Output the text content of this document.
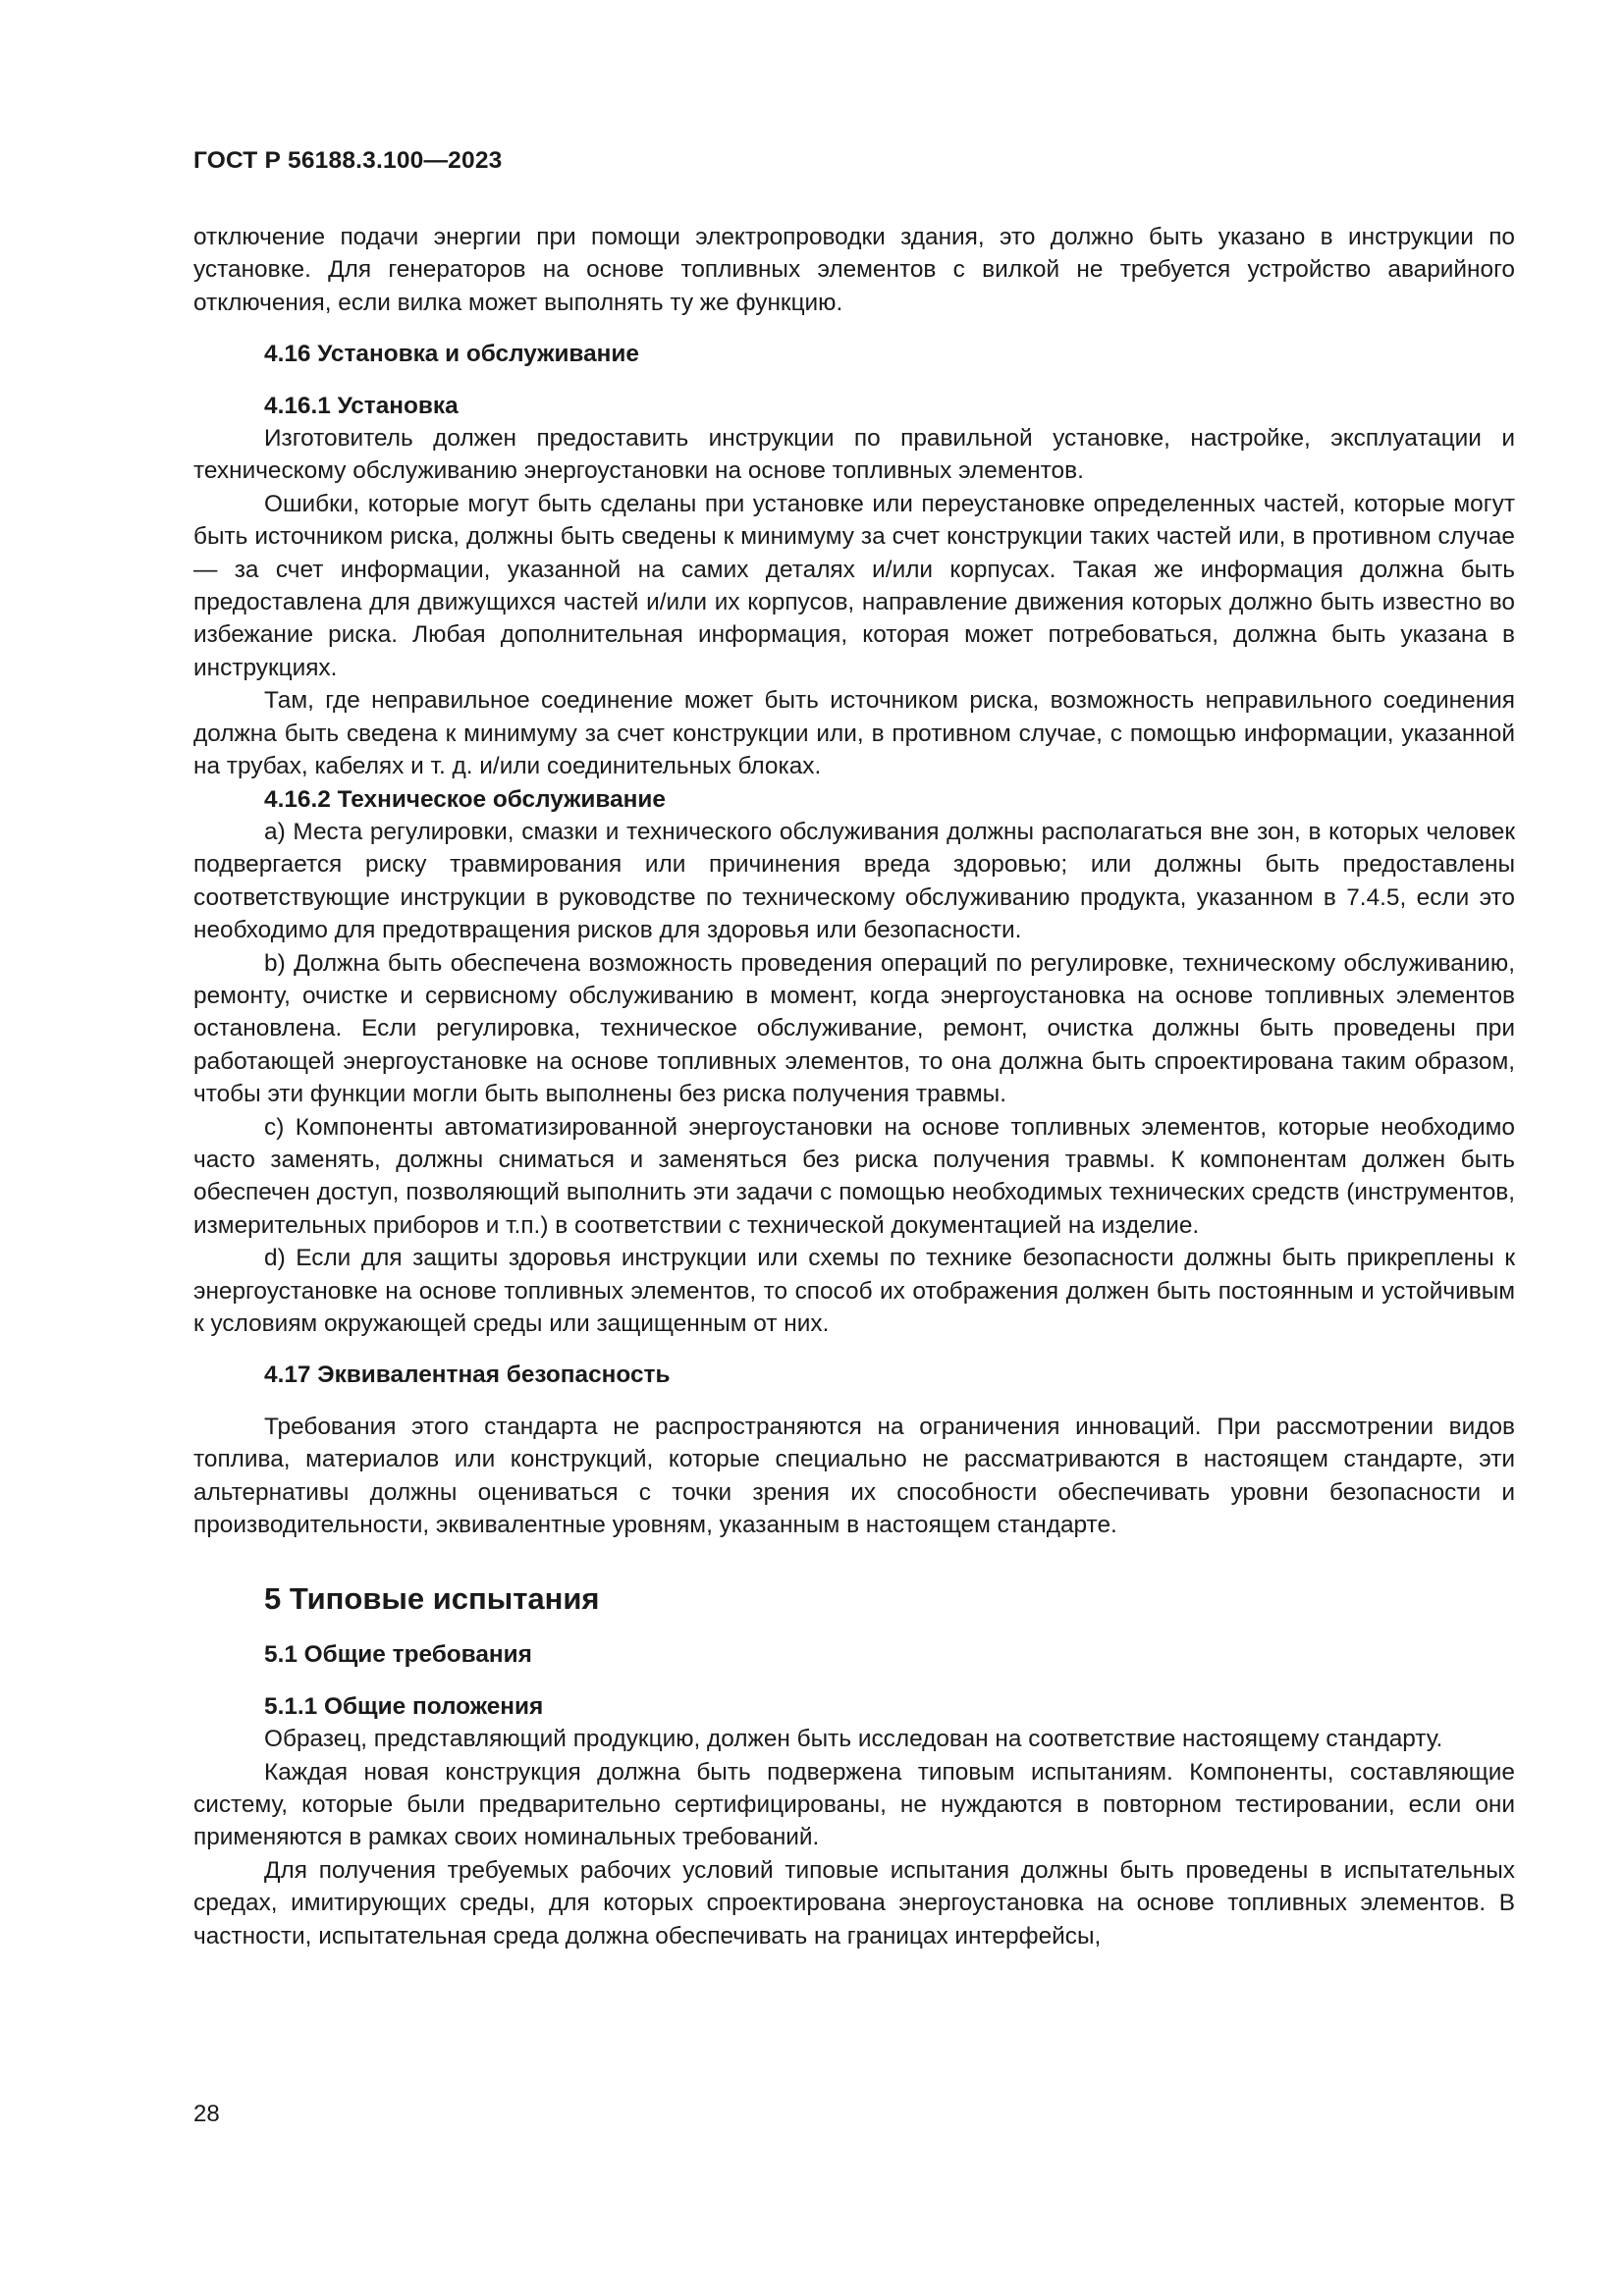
ГОСТ Р 56188.3.100—2023

отключение подачи энергии при помощи электропроводки здания, это должно быть указано в инструкции по установке. Для генераторов на основе топливных элементов с вилкой не требуется устройство аварийного отключения, если вилка может выполнять ту же функцию.

4.16 Установка и обслуживание
4.16.1 Установка

Изготовитель должен предоставить инструкции по правильной установке, настройке, эксплуатации и техническому обслуживанию энергоустановки на основе топливных элементов.

Ошибки, которые могут быть сделаны при установке или переустановке определенных частей, которые могут быть источником риска, должны быть сведены к минимуму за счет конструкции таких частей или, в противном случае — за счет информации, указанной на самих деталях и/или корпусах. Такая же информация должна быть предоставлена для движущихся частей и/или их корпусов, направление движения которых должно быть известно во избежание риска. Любая дополнительная информация, которая может потребоваться, должна быть указана в инструкциях.

Там, где неправильное соединение может быть источником риска, возможность неправильного соединения должна быть сведена к минимуму за счет конструкции или, в противном случае, с помощью информации, указанной на трубах, кабелях и т. д. и/или соединительных блоках.

4.16.2 Техническое обслуживание

а) Места регулировки, смазки и технического обслуживания должны располагаться вне зон, в которых человек подвергается риску травмирования или причинения вреда здоровью; или должны быть предоставлены соответствующие инструкции в руководстве по техническому обслуживанию продукта, указанном в 7.4.5, если это необходимо для предотвращения рисков для здоровья или безопасности.

b) Должна быть обеспечена возможность проведения операций по регулировке, техническому обслуживанию, ремонту, очистке и сервисному обслуживанию в момент, когда энергоустановка на основе топливных элементов остановлена. Если регулировка, техническое обслуживание, ремонт, очистка должны быть проведены при работающей энергоустановке на основе топливных элементов, то она должна быть спроектирована таким образом, чтобы эти функции могли быть выполнены без риска получения травмы.

c) Компоненты автоматизированной энергоустановки на основе топливных элементов, которые необходимо часто заменять, должны сниматься и заменяться без риска получения травмы. К компонентам должен быть обеспечен доступ, позволяющий выполнить эти задачи с помощью необходимых технических средств (инструментов, измерительных приборов и т.п.) в соответствии с технической документацией на изделие.

d) Если для защиты здоровья инструкции или схемы по технике безопасности должны быть прикреплены к энергоустановке на основе топливных элементов, то способ их отображения должен быть постоянным и устойчивым к условиям окружающей среды или защищенным от них.

4.17 Эквивалентная безопасность

Требования этого стандарта не распространяются на ограничения инноваций. При рассмотрении видов топлива, материалов или конструкций, которые специально не рассматриваются в настоящем стандарте, эти альтернативы должны оцениваться с точки зрения их способности обеспечивать уровни безопасности и производительности, эквивалентные уровням, указанным в настоящем стандарте.

5 Типовые испытания
5.1 Общие требования
5.1.1 Общие положения

Образец, представляющий продукцию, должен быть исследован на соответствие настоящему стандарту.

Каждая новая конструкция должна быть подвержена типовым испытаниям. Компоненты, составляющие систему, которые были предварительно сертифицированы, не нуждаются в повторном тестировании, если они применяются в рамках своих номинальных требований.

Для получения требуемых рабочих условий типовые испытания должны быть проведены в испытательных средах, имитирующих среды, для которых спроектирована энергоустановка на основе топливных элементов. В частности, испытательная среда должна обеспечивать на границах интерфейсы,

28
